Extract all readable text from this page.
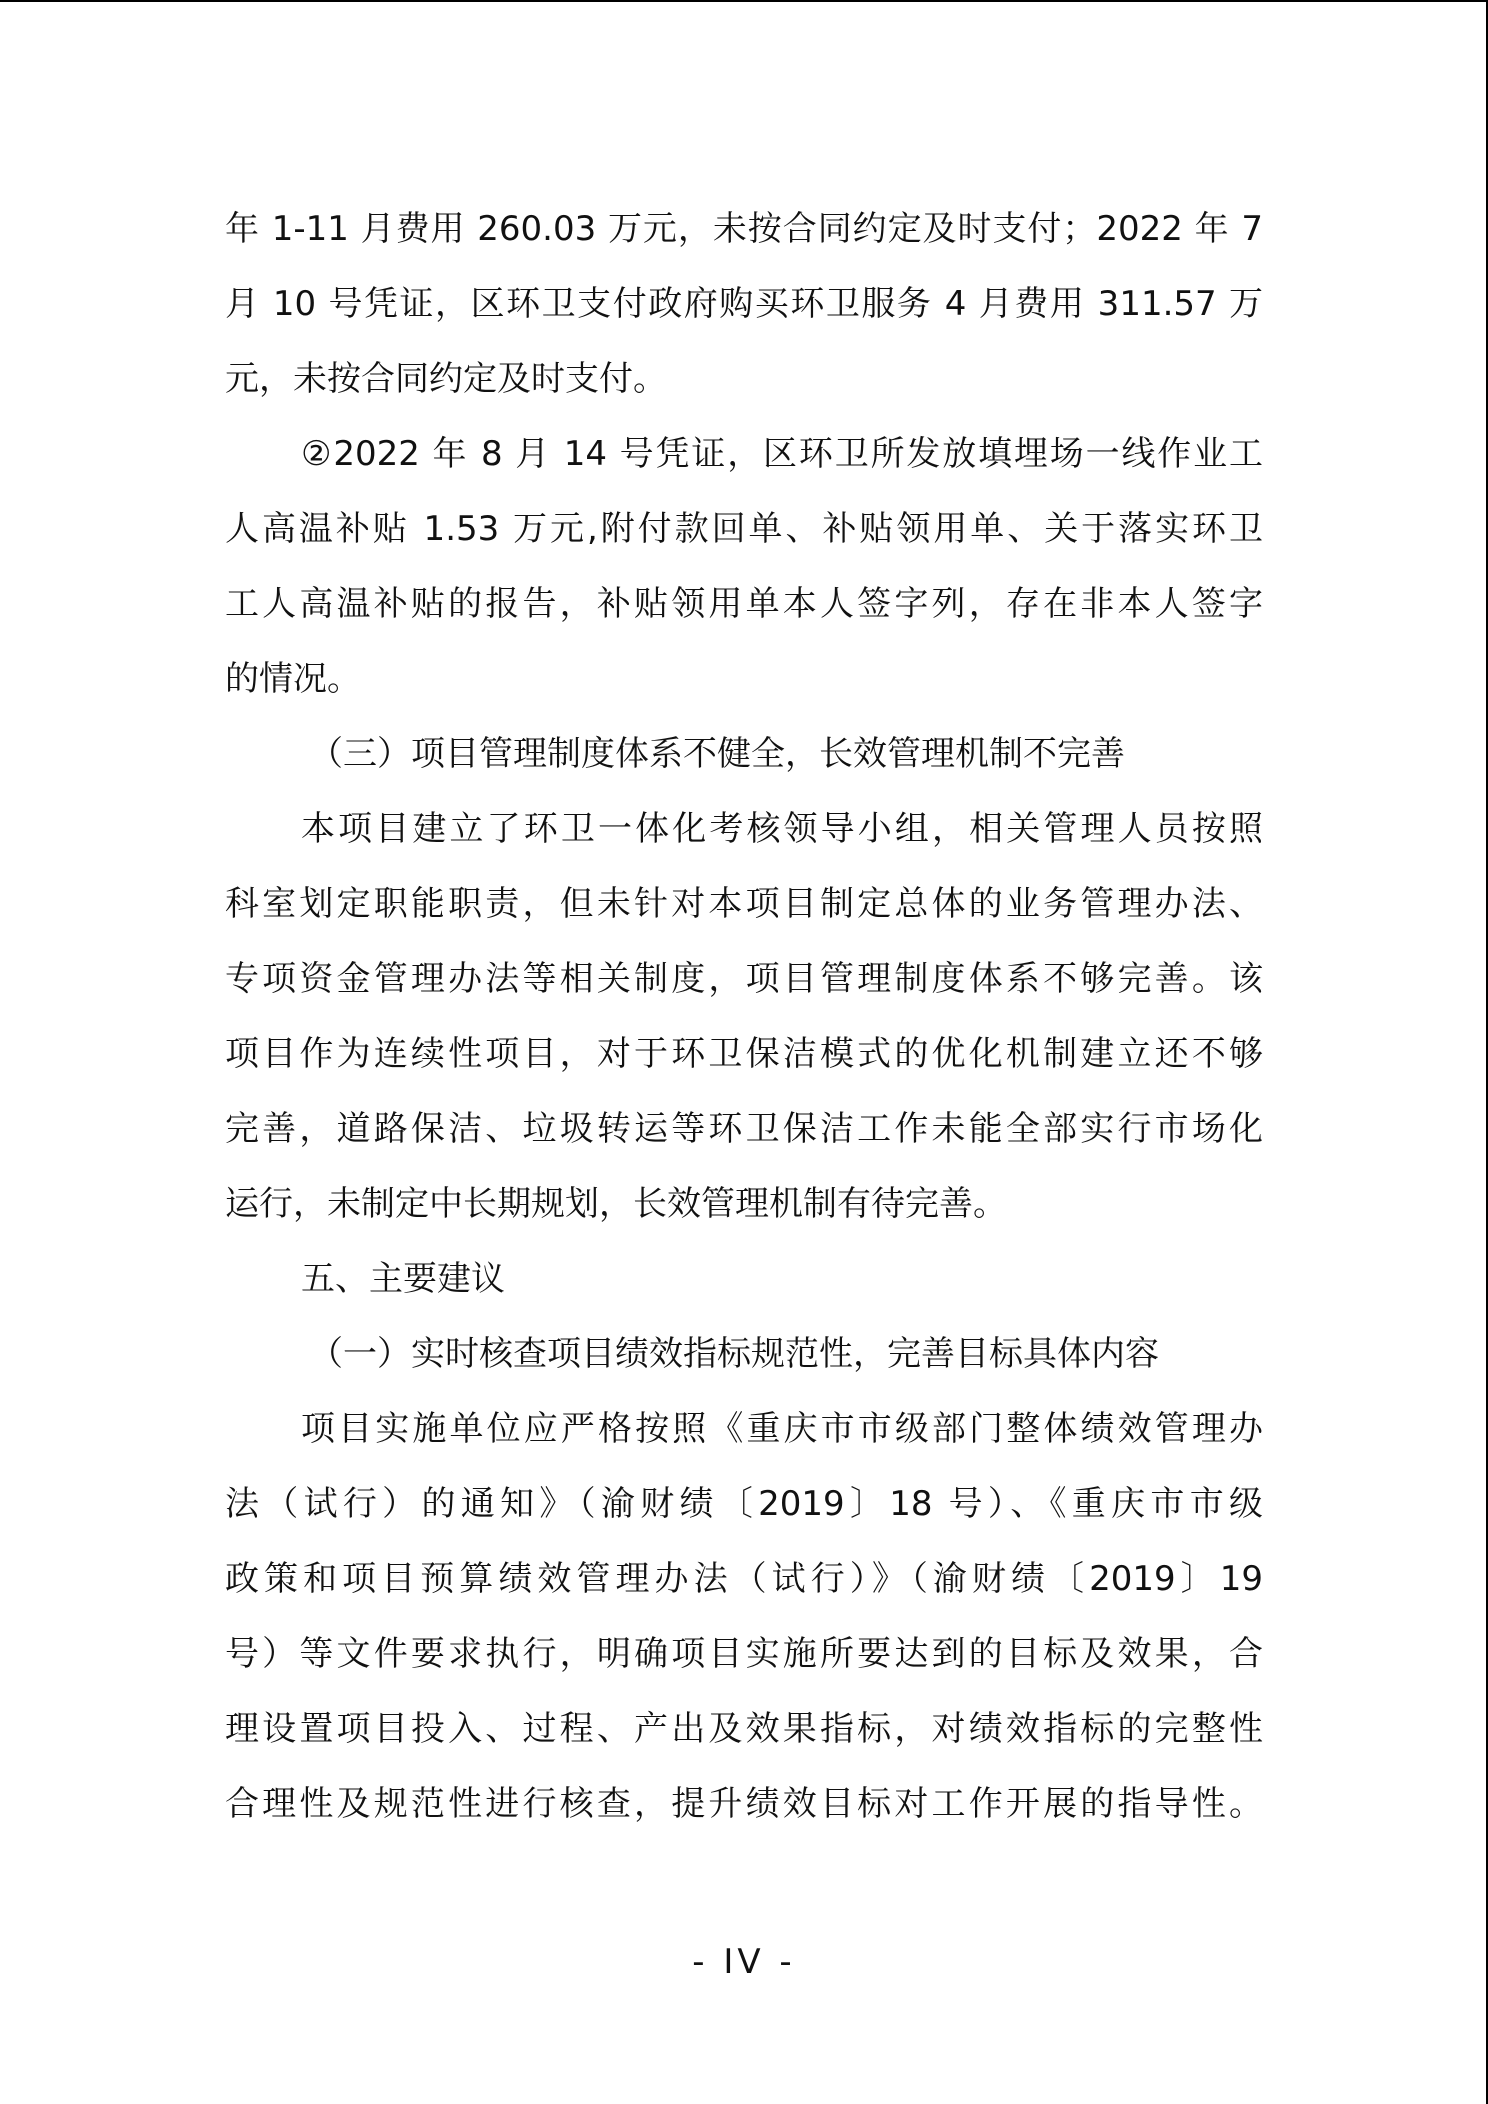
年 1-11 月费用 260.03 万元，未按合同约定及时支付；2022 年 7
月 10 号凭证，区环卫支付政府购买环卫服务 4 月费用 311.57 万
元，未按合同约定及时支付。
②2022 年 8 月 14 号凭证，区环卫所发放填埋场一线作业工
人高温补贴 1.53 万元,附付款回单、补贴领用单、关于落实环卫
工人高温补贴的报告，补贴领用单本人签字列，存在非本人签字
的情况。
（三）项目管理制度体系不健全，长效管理机制不完善
本项目建立了环卫一体化考核领导小组，相关管理人员按照
科室划定职能职责，但未针对本项目制定总体的业务管理办法、
专项资金管理办法等相关制度，项目管理制度体系不够完善。该
项目作为连续性项目，对于环卫保洁模式的优化机制建立还不够
完善，道路保洁、垃圾转运等环卫保洁工作未能全部实行市场化
运行，未制定中长期规划，长效管理机制有待完善。
五、主要建议
（一）实时核查项目绩效指标规范性，完善目标具体内容
项目实施单位应严格按照《重庆市市级部门整体绩效管理办
法（试行）的通知》（渝财绩〔2019〕18 号）、《重庆市市级
政策和项目预算绩效管理办法（试行）》（渝财绩〔2019〕19
号）等文件要求执行，明确项目实施所要达到的目标及效果，合
理设置项目投入、过程、产出及效果指标，对绩效指标的完整性
合理性及规范性进行核查，提升绩效目标对工作开展的指导性。
- IV -
